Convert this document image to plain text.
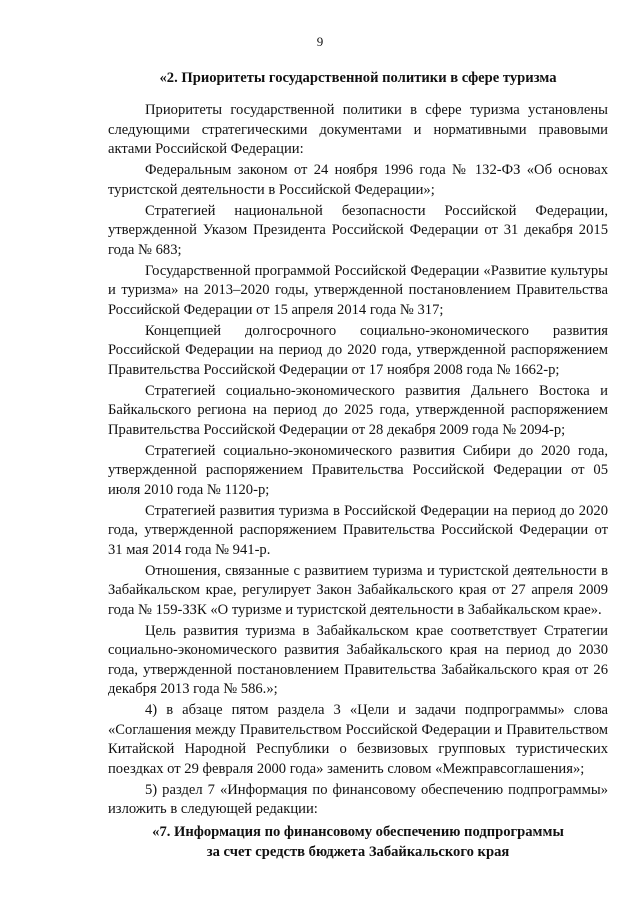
9
«2. Приоритеты государственной политики в сфере туризма

Приоритеты государственной политики в сфере туризма установлены следующими стратегическими документами и нормативными правовыми актами Российской Федерации:

Федеральным законом от 24 ноября 1996 года № 132-ФЗ «Об основах туристской деятельности в Российской Федерации»;

Стратегией национальной безопасности Российской Федерации, утвержденной Указом Президента Российской Федерации от 31 декабря 2015 года № 683;

Государственной программой Российской Федерации «Развитие культуры и туризма» на 2013–2020 годы, утвержденной постановлением Правительства Российской Федерации от 15 апреля 2014 года № 317;

Концепцией долгосрочного социально-экономического развития Российской Федерации на период до 2020 года, утвержденной распоряжением Правительства Российской Федерации от 17 ноября 2008 года № 1662-р;

Стратегией социально-экономического развития Дальнего Востока и Байкальского региона на период до 2025 года, утвержденной распоряжением Правительства Российской Федерации от 28 декабря 2009 года № 2094-р;

Стратегией социально-экономического развития Сибири до 2020 года, утвержденной распоряжением Правительства Российской Федерации от 05 июля 2010 года № 1120-р;

Стратегией развития туризма в Российской Федерации на период до 2020 года, утвержденной распоряжением Правительства Российской Федерации от 31 мая 2014 года № 941-р.

Отношения, связанные с развитием туризма и туристской деятельности в Забайкальском крае, регулирует Закон Забайкальского края от 27 апреля 2009 года № 159-ЗЗК «О туризме и туристской деятельности в Забайкальском крае».

Цель развития туризма в Забайкальском крае соответствует Стратегии социально-экономического развития Забайкальского края на период до 2030 года, утвержденной постановлением Правительства Забайкальского края от 26 декабря 2013 года № 586.»;

4) в абзаце пятом раздела 3 «Цели и задачи подпрограммы» слова «Соглашения между Правительством Российской Федерации и Правительством Китайской Народной Республики о безвизовых групповых туристических поездках от 29 февраля 2000 года» заменить словом «Межправсоглашения»;

5) раздел 7 «Информация по финансовому обеспечению подпрограммы» изложить в следующей редакции:

«7. Информация по финансовому обеспечению подпрограммы
за счет средств бюджета Забайкальского края
